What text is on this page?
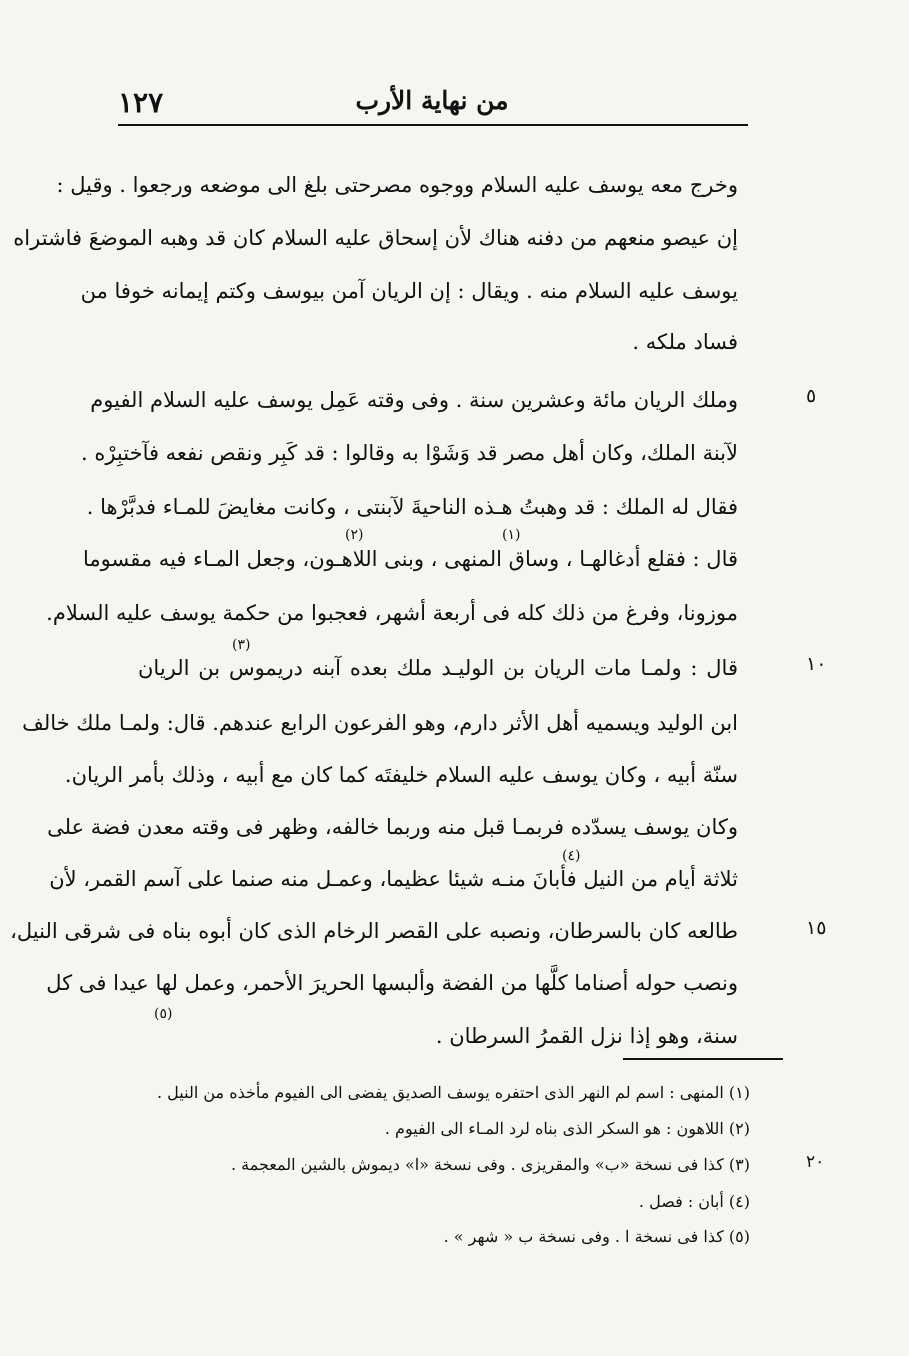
١٢٧	من نهاية الأرب
وخرج معه يوسف عليه السلام ووجوه مصرحتى بلغ الى موضعه ورجعوا . وقيل :
إن عيصو منعهم من دفنه هناك لأن إسحاق عليه السلام كان قد وهبه الموضعَ فاشتراه
يوسف عليه السلام منه . ويقال : إن الريان آمن بيوسف وكتم إيمانه خوفا من
فساد ملكه .
وملك الريان مائة وعشرين سنة . وفى وقته عَمِل يوسف عليه السلام الفيوم
لآبنة الملك، وكان أهل مصر قد وَشَوْا به وقالوا : قد كَبِر ونقص نفعه فآختبِرْه .
فقال له الملك : قد وهبتُ هـذه الناحيةَ لآبنتى ، وكانت مغايضَ للمـاء فدبَّرْها .
قال : فقلع أدغالهـا ، وساق المنهى ، وبنى اللاهـون، وجعل المـاء فيه مقسوما
موزونا، وفرغ من ذلك كله فى أربعة أشهر، فعجبوا من حكمة يوسف عليه السلام.
قال : ولمـا مات الريان بن الوليـد ملك بعده آبنه دريموس بن الريان
ابن الوليد ويسميه أهل الأثر دارم، وهو الفرعون الرابع عندهم. قال: ولمـا ملك خالف
سنّة أبيه ، وكان يوسف عليه السلام خليفتَه كما كان مع أبيه ، وذلك بأمر الريان.
وكان يوسف يسدّده فربمـا قبل منه وربما خالفه، وظهر فى وقته معدن فضة على
ثلاثة أيام من النيل فأبانَ منـه شيئا عظيما، وعمـل منه صنما على آسم القمر، لأن
طالعه كان بالسرطان، ونصبه على القصر الرخام الذى كان أبوه بناه فى شرقى النيل،
ونصب حوله أصناما كلَّها من الفضة وألبسها الحريرَ الأحمر، وعمل لها عيدا فى كل
سنة، وهو إذا نزل القمرُ السرطان .
(١)
(٢)
(٣)
(٤)
(٥)
٥
١٠
١٥
(١) المنهى : اسم لم النهر الذى احتفره يوسف الصديق يفضى الى الفيوم مأخذه من النيل .
(٢) اللاهون : هو السكر الذى بناه لرد المـاء الى الفيوم .
(٣) كذا فى نسخة «ب» والمقريزى . وفى نسخة «ا» ديموش بالشين المعجمة .
(٤) أبان : فصل .
(٥) كذا فى نسخة ا . وفى نسخة ب « شهر » .
٢٠
